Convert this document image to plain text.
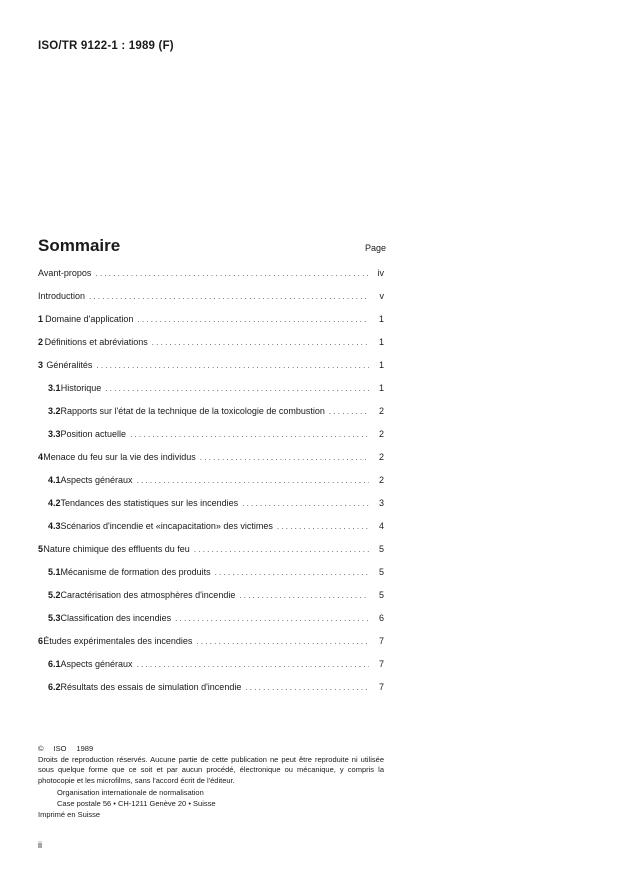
ISO/TR 9122-1 : 1989 (F)
Sommaire	Page
Avant-propos . . .	iv
Introduction . . .	v
1 Domaine d'application . . .	1
2 Définitions et abréviations . . .	1
3 Généralités . . .	1
3.1 Historique . . .	1
3.2 Rapports sur l'état de la technique de la toxicologie de combustion . . .	2
3.3 Position actuelle . . .	2
4 Menace du feu sur la vie des individus . . .	2
4.1 Aspects généraux . . .	2
4.2 Tendances des statistiques sur les incendies . . .	3
4.3 Scénarios d'incendie et «incapacitation» des victimes . . .	4
5 Nature chimique des effluents du feu . . .	5
5.1 Mécanisme de formation des produits . . .	5
5.2 Caractérisation des atmosphères d'incendie . . .	5
5.3 Classification des incendies . . .	6
6 Études expérimentales des incendies . . .	7
6.1 Aspects généraux . . .	7
6.2 Résultats des essais de simulation d'incendie . . .	7
© ISO 1989
Droits de reproduction réservés. Aucune partie de cette publication ne peut être reproduite ni utilisée sous quelque forme que ce soit et par aucun procédé, électronique ou mécanique, y compris la photocopie et les microfilms, sans l'accord écrit de l'éditeur.
Organisation internationale de normalisation
Case postale 56 • CH-1211 Genève 20 • Suisse
Imprimé en Suisse
ii
